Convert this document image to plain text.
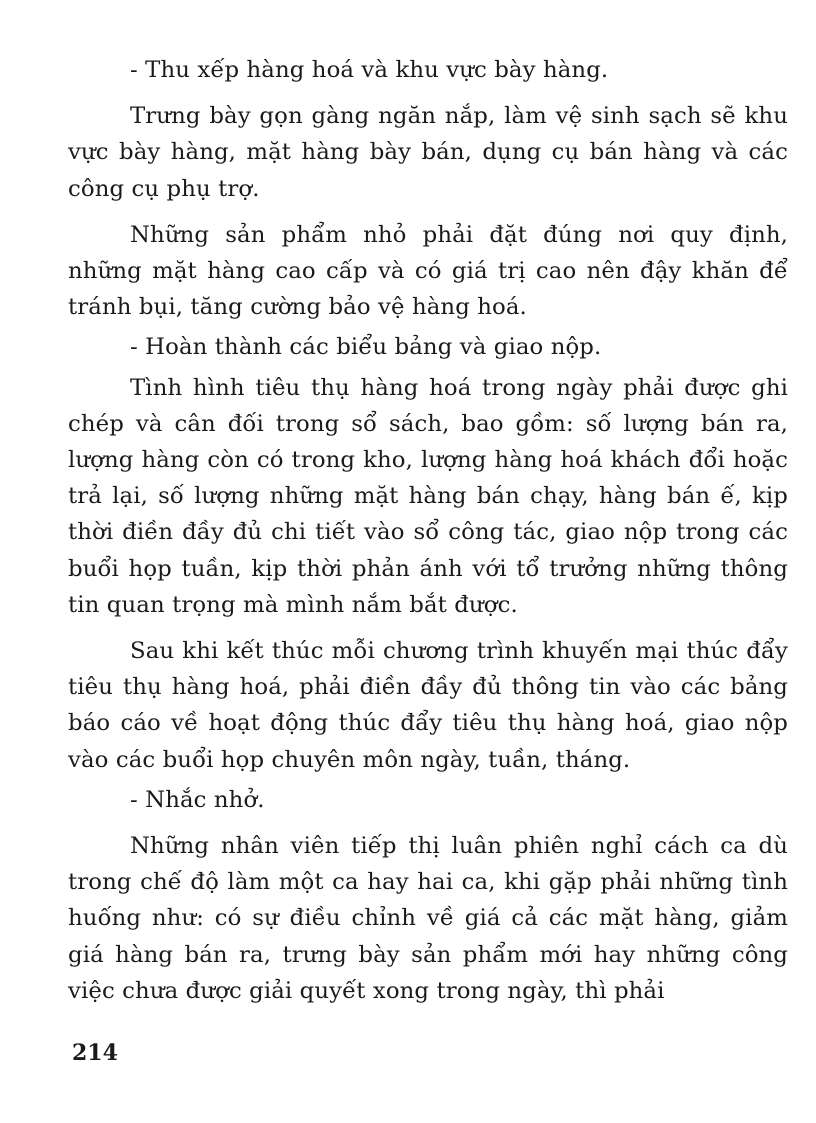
- Thu xếp hàng hoá và khu vực bày hàng.

Trưng bày gọn gàng ngăn nắp, làm vệ sinh sạch sẽ khu vực bày hàng, mặt hàng bày bán, dụng cụ bán hàng và các công cụ phụ trợ.

Những sản phẩm nhỏ phải đặt đúng nơi quy định, những mặt hàng cao cấp và có giá trị cao nên đậy khăn để tránh bụi, tăng cường bảo vệ hàng hoá.

- Hoàn thành các biểu bảng và giao nộp.

Tình hình tiêu thụ hàng hoá trong ngày phải được ghi chép và cân đối trong sổ sách, bao gồm: số lượng bán ra, lượng hàng còn có trong kho, lượng hàng hoá khách đổi hoặc trả lại, số lượng những mặt hàng bán chạy, hàng bán ế, kịp thời điền đầy đủ chi tiết vào sổ công tác, giao nộp trong các buổi họp tuần, kịp thời phản ánh với tổ trưởng những thông tin quan trọng mà mình nắm bắt được.

Sau khi kết thúc mỗi chương trình khuyến mại thúc đẩy tiêu thụ hàng hoá, phải điền đầy đủ thông tin vào các bảng báo cáo về hoạt động thúc đẩy tiêu thụ hàng hoá, giao nộp vào các buổi họp chuyên môn ngày, tuần, tháng.

- Nhắc nhở.

Những nhân viên tiếp thị luân phiên nghỉ cách ca dù trong chế độ làm một ca hay hai ca, khi gặp phải những tình huống như: có sự điều chỉnh về giá cả các mặt hàng, giảm giá hàng bán ra, trưng bày sản phẩm mới hay những công việc chưa được giải quyết xong trong ngày, thì phải

214
